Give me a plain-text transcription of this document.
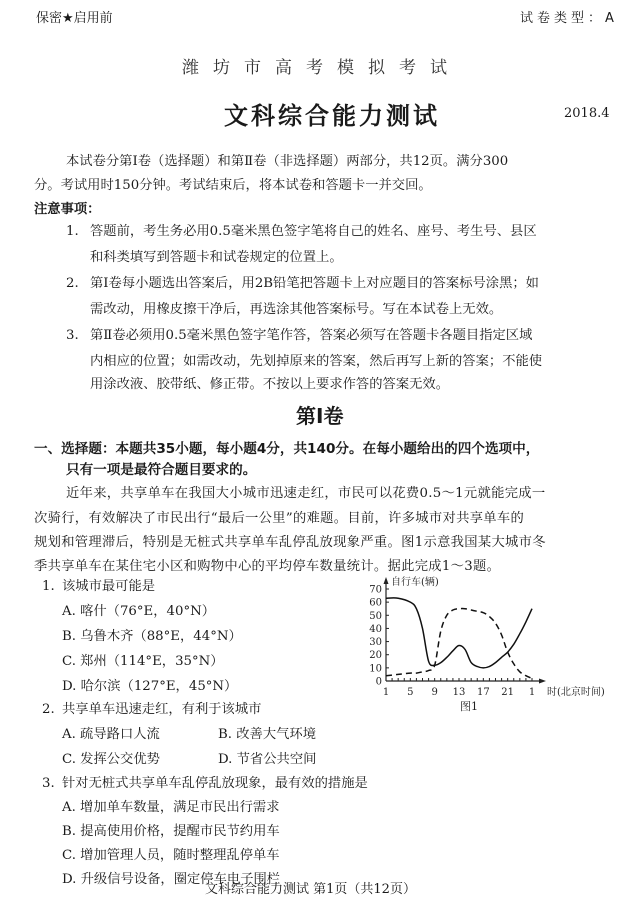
保密★启用前	试卷类型：A
潍坊市高考模拟考试
文科综合能力测试	2018.4
本试卷分第Ⅰ卷（选择题）和第Ⅱ卷（非选择题）两部分，共12页。满分300
分。考试用时150分钟。考试结束后，将本试卷和答题卡一并交回。
注意事项：
1. 答题前，考生务必用0.5毫米黑色签字笔将自己的姓名、座号、考生号、县区
和科类填写到答题卡和试卷规定的位置上。
2. 第Ⅰ卷每小题选出答案后，用2B铅笔把答题卡上对应题目的答案标号涂黑；如
需改动，用橡皮擦干净后，再选涂其他答案标号。写在本试卷上无效。
3. 第Ⅱ卷必须用0.5毫米黑色签字笔作答，答案必须写在答题卡各题目指定区域
内相应的位置；如需改动，先划掉原来的答案，然后再写上新的答案；不能使
用涂改液、胶带纸、修正带。不按以上要求作答的答案无效。
第Ⅰ卷
一、选择题：本题共35小题，每小题4分，共140分。在每小题给出的四个选项中，
只有一项是最符合题目要求的。
近年来，共享单车在我国大小城市迅速走红，市民可以花费0.5～1元就能完成一
次骑行，有效解决了市民出行“最后一公里”的难题。目前，许多城市对共享单车的
规划和管理滞后，特别是无桩式共享单车乱停乱放现象严重。图1示意我国某大城市冬
季共享单车在某住宅小区和购物中心的平均停车数量统计。据此完成1～3题。
1. 该城市最可能是
A. 喀什（76°E，40°N）
B. 乌鲁木齐（88°E，44°N）
C. 郑州（114°E，35°N）
D. 哈尔滨（127°E，45°N）
2. 共享单车迅速走红，有利于该城市
A. 疏导路口人流	B. 改善大气环境
C. 发挥公交优势	D. 节省公共空间
3. 针对无桩式共享单车乱停乱放现象，最有效的措施是
A. 增加单车数量，满足市民出行需求
B. 提高使用价格，提醒市民节约用车
C. 增加管理人员，随时整理乱停单车
D. 升级信号设备，圈定停车电子围栏
0
10
20
30
40
50
60
70
1 5 9 13 17 21 1
自行车(辆)
时(北京时间)
图1
文科综合能力测试 第1页（共12页）
